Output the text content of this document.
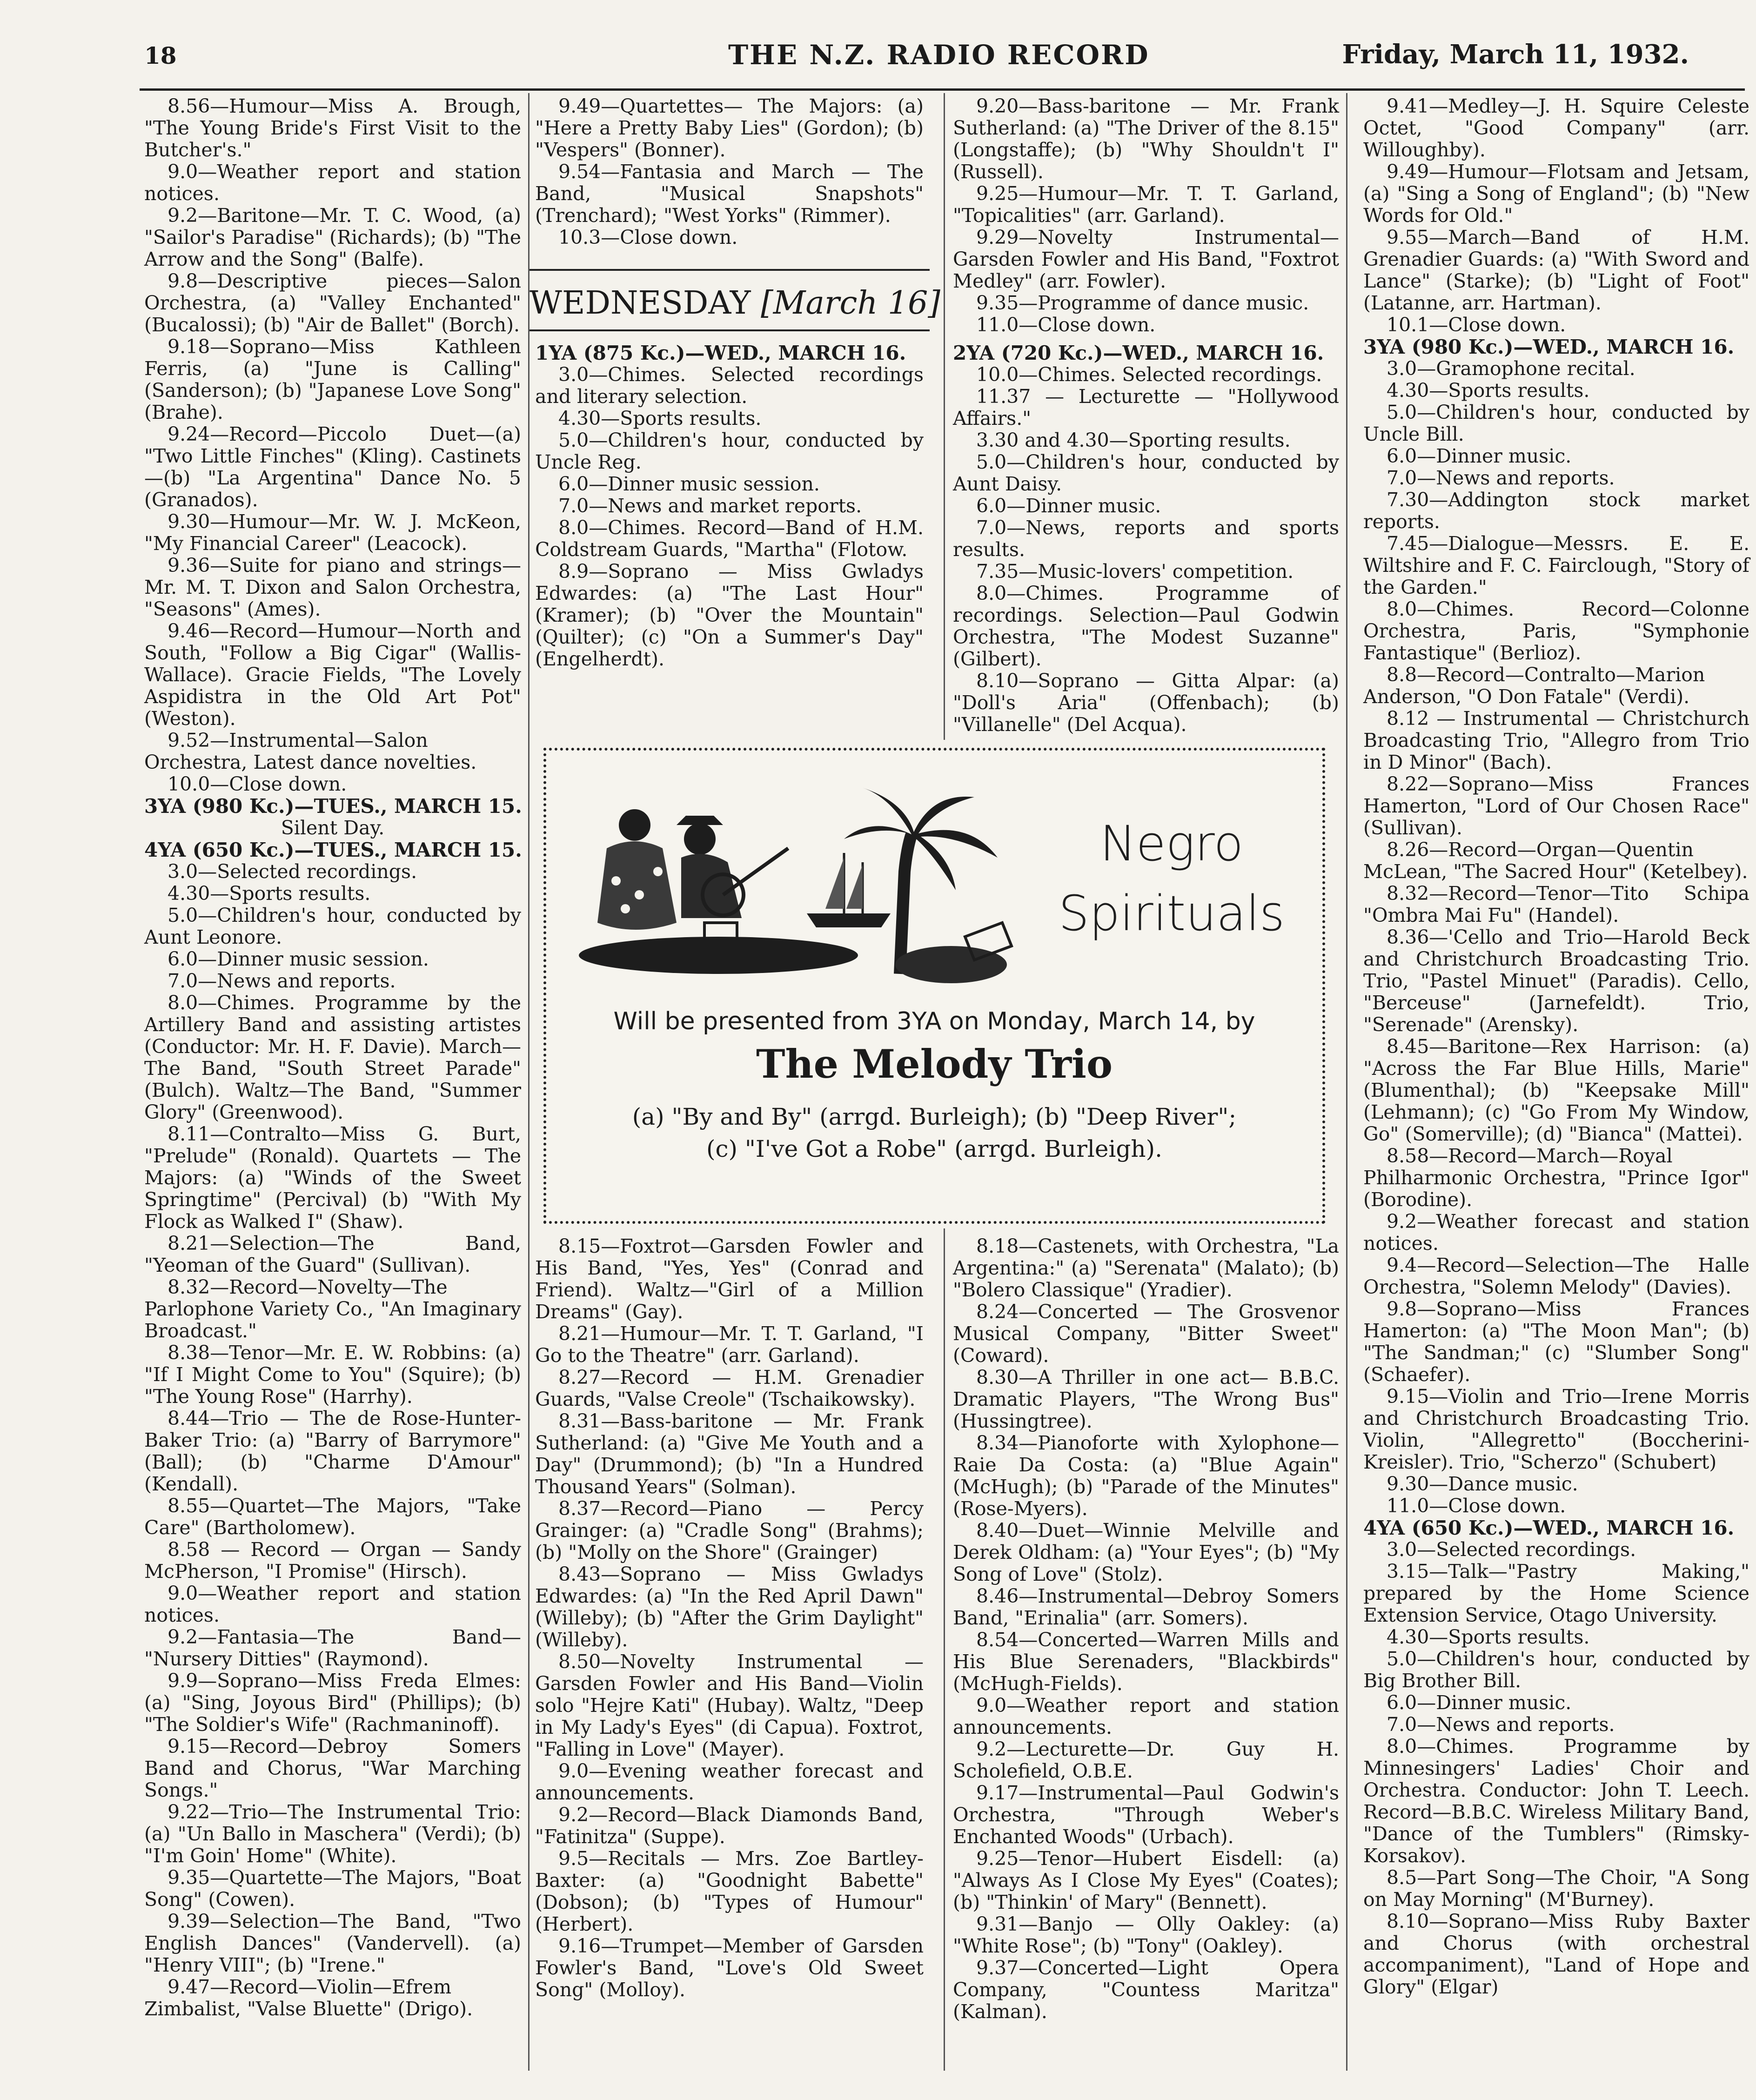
18	THE N.Z. RADIO RECORD	Friday, March 11, 1932.

8.56—Humour—Miss A. Brough, "The Young Bride's First Visit to the Butcher's."

9.0—Weather report and station notices.

9.2—Baritone—Mr. T. C. Wood, (a) "Sailor's Paradise" (Richards); (b) "The Arrow and the Song" (Balfe).

9.8—Descriptive pieces—Salon Orchestra, (a) "Valley Enchanted" (Bucalossi); (b) "Air de Ballet" (Borch).

9.18—Soprano—Miss Kathleen Ferris, (a) "June is Calling" (Sanderson); (b) "Japanese Love Song" (Brahe).

9.24—Record—Piccolo Duet—(a) "Two Little Finches" (Kling). Castinets—(b) "La Argentina" Dance No. 5 (Granados).

9.30—Humour—Mr. W. J. McKeon, "My Financial Career" (Leacock).

9.36—Suite for piano and strings—Mr. M. T. Dixon and Salon Orchestra, "Seasons" (Ames).

9.46—Record—Humour—North and South, "Follow a Big Cigar" (Wallis-Wallace). Gracie Fields, "The Lovely Aspidistra in the Old Art Pot" (Weston).

9.52—Instrumental—Salon Orchestra, Latest dance novelties.

10.0—Close down.

3YA (980 Kc.)—TUES., MARCH 15.

Silent Day.

4YA (650 Kc.)—TUES., MARCH 15.

3.0—Selected recordings.

4.30—Sports results.

5.0—Children's hour, conducted by Aunt Leonore.

6.0—Dinner music session.

7.0—News and reports.

8.0—Chimes. Programme by the Artillery Band and assisting artistes (Conductor: Mr. H. F. Davie). March—The Band, "South Street Parade" (Bulch). Waltz—The Band, "Summer Glory" (Greenwood).

8.11—Contralto—Miss G. Burt, "Prelude" (Ronald). Quartets — The Majors: (a) "Winds of the Sweet Springtime" (Percival) (b) "With My Flock as Walked I" (Shaw).

8.21—Selection—The Band, "Yeoman of the Guard" (Sullivan).

8.32—Record—Novelty—The Parlophone Variety Co., "An Imaginary Broadcast."

8.38—Tenor—Mr. E. W. Robbins: (a) "If I Might Come to You" (Squire); (b) "The Young Rose" (Harrhy).

8.44—Trio — The de Rose-Hunter-Baker Trio: (a) "Barry of Barrymore" (Ball); (b) "Charme D'Amour" (Kendall).

8.55—Quartet—The Majors, "Take Care" (Bartholomew).

8.58 — Record — Organ — Sandy McPherson, "I Promise" (Hirsch).

9.0—Weather report and station notices.

9.2—Fantasia—The Band— "Nursery Ditties" (Raymond).

9.9—Soprano—Miss Freda Elmes: (a) "Sing, Joyous Bird" (Phillips); (b) "The Soldier's Wife" (Rachmaninoff).

9.15—Record—Debroy Somers Band and Chorus, "War Marching Songs."

9.22—Trio—The Instrumental Trio: (a) "Un Ballo in Maschera" (Verdi); (b) "I'm Goin' Home" (White).

9.35—Quartette—The Majors, "Boat Song" (Cowen).

9.39—Selection—The Band, "Two English Dances" (Vandervell). (a) "Henry VIII"; (b) "Irene."

9.47—Record—Violin—Efrem Zimbalist, "Valse Bluette" (Drigo).

9.49—Quartettes— The Majors: (a) "Here a Pretty Baby Lies" (Gordon); (b) "Vespers" (Bonner).

9.54—Fantasia and March — The Band, "Musical Snapshots" (Trenchard); "West Yorks" (Rimmer).

10.3—Close down.

WEDNESDAY [March 16]

1YA (875 Kc.)—WED., MARCH 16.

3.0—Chimes. Selected recordings and literary selection.

4.30—Sports results.

5.0—Children's hour, conducted by Uncle Reg.

6.0—Dinner music session.

7.0—News and market reports.

8.0—Chimes. Record—Band of H.M. Coldstream Guards, "Martha" (Flotow.

8.9—Soprano — Miss Gwladys Edwardes: (a) "The Last Hour" (Kramer); (b) "Over the Mountain" (Quilter); (c) "On a Summer's Day" (Engelherdt).

9.20—Bass-baritone — Mr. Frank Sutherland: (a) "The Driver of the 8.15" (Longstaffe); (b) "Why Shouldn't I" (Russell).

9.25—Humour—Mr. T. T. Garland, "Topicalities" (arr. Garland).

9.29—Novelty Instrumental—Garsden Fowler and His Band, "Foxtrot Medley" (arr. Fowler).

9.35—Programme of dance music.

11.0—Close down.

2YA (720 Kc.)—WED., MARCH 16.

10.0—Chimes. Selected recordings.

11.37 — Lecturette — "Hollywood Affairs."

3.30 and 4.30—Sporting results.

5.0—Children's hour, conducted by Aunt Daisy.

6.0—Dinner music.

7.0—News, reports and sports results.

7.35—Music-lovers' competition.

8.0—Chimes. Programme of recordings. Selection—Paul Godwin Orchestra, "The Modest Suzanne" (Gilbert).

8.10—Soprano — Gitta Alpar: (a) "Doll's Aria" (Offenbach); (b) "Villanelle" (Del Acqua).

Negro
Spirituals
Will be presented from 3YA on Monday, March 14, by
The Melody Trio
(a) "By and By" (arrgd. Burleigh); (b) "Deep River";
(c) "I've Got a Robe" (arrgd. Burleigh).

8.15—Foxtrot—Garsden Fowler and His Band, "Yes, Yes" (Conrad and Friend). Waltz—"Girl of a Million Dreams" (Gay).

8.21—Humour—Mr. T. T. Garland, "I Go to the Theatre" (arr. Garland).

8.27—Record — H.M. Grenadier Guards, "Valse Creole" (Tschaikowsky).

8.31—Bass-baritone — Mr. Frank Sutherland: (a) "Give Me Youth and a Day" (Drummond); (b) "In a Hundred Thousand Years" (Solman).

8.37—Record—Piano — Percy Grainger: (a) "Cradle Song" (Brahms); (b) "Molly on the Shore" (Grainger)

8.43—Soprano — Miss Gwladys Edwardes: (a) "In the Red April Dawn" (Willeby); (b) "After the Grim Daylight" (Willeby).

8.50—Novelty Instrumental — Garsden Fowler and His Band—Violin solo "Hejre Kati" (Hubay). Waltz, "Deep in My Lady's Eyes" (di Capua). Foxtrot, "Falling in Love" (Mayer).

9.0—Evening weather forecast and announcements.

9.2—Record—Black Diamonds Band, "Fatinitza" (Suppe).

9.5—Recitals — Mrs. Zoe Bartley-Baxter: (a) "Goodnight Babette" (Dobson); (b) "Types of Humour" (Herbert).

9.16—Trumpet—Member of Garsden Fowler's Band, "Love's Old Sweet Song" (Molloy).

8.18—Castenets, with Orchestra, "La Argentina:" (a) "Serenata" (Malato); (b) "Bolero Classique" (Yradier).

8.24—Concerted — The Grosvenor Musical Company, "Bitter Sweet" (Coward).

8.30—A Thriller in one act— B.B.C. Dramatic Players, "The Wrong Bus" (Hussingtree).

8.34—Pianoforte with Xylophone—Raie Da Costa: (a) "Blue Again" (McHugh); (b) "Parade of the Minutes" (Rose-Myers).

8.40—Duet—Winnie Melville and Derek Oldham: (a) "Your Eyes"; (b) "My Song of Love" (Stolz).

8.46—Instrumental—Debroy Somers Band, "Erinalia" (arr. Somers).

8.54—Concerted—Warren Mills and His Blue Serenaders, "Blackbirds" (McHugh-Fields).

9.0—Weather report and station announcements.

9.2—Lecturette—Dr. Guy H. Scholefield, O.B.E.

9.17—Instrumental—Paul Godwin's Orchestra, "Through Weber's Enchanted Woods" (Urbach).

9.25—Tenor—Hubert Eisdell: (a) "Always As I Close My Eyes" (Coates); (b) "Thinkin' of Mary" (Bennett).

9.31—Banjo — Olly Oakley: (a) "White Rose"; (b) "Tony" (Oakley).

9.37—Concerted—Light Opera Company, "Countess Maritza" (Kalman).

9.41—Medley—J. H. Squire Celeste Octet, "Good Company" (arr. Willoughby).

9.49—Humour—Flotsam and Jetsam, (a) "Sing a Song of England"; (b) "New Words for Old."

9.55—March—Band of H.M. Grenadier Guards: (a) "With Sword and Lance" (Starke); (b) "Light of Foot" (Latanne, arr. Hartman).

10.1—Close down.

3YA (980 Kc.)—WED., MARCH 16.

3.0—Gramophone recital.

4.30—Sports results.

5.0—Children's hour, conducted by Uncle Bill.

6.0—Dinner music.

7.0—News and reports.

7.30—Addington stock market reports.

7.45—Dialogue—Messrs. E. E. Wiltshire and F. C. Fairclough, "Story of the Garden."

8.0—Chimes. Record—Colonne Orchestra, Paris, "Symphonie Fantastique" (Berlioz).

8.8—Record—Contralto—Marion Anderson, "O Don Fatale" (Verdi).

8.12 — Instrumental — Christchurch Broadcasting Trio, "Allegro from Trio in D Minor" (Bach).

8.22—Soprano—Miss Frances Hamerton, "Lord of Our Chosen Race" (Sullivan).

8.26—Record—Organ—Quentin McLean, "The Sacred Hour" (Ketelbey).

8.32—Record—Tenor—Tito Schipa "Ombra Mai Fu" (Handel).

8.36—'Cello and Trio—Harold Beck and Christchurch Broadcasting Trio. Trio, "Pastel Minuet" (Paradis). Cello, "Berceuse" (Jarnefeldt). Trio, "Serenade" (Arensky).

8.45—Baritone—Rex Harrison: (a) "Across the Far Blue Hills, Marie" (Blumenthal); (b) "Keepsake Mill" (Lehmann); (c) "Go From My Window, Go" (Somerville); (d) "Bianca" (Mattei).

8.58—Record—March—Royal Philharmonic Orchestra, "Prince Igor" (Borodine).

9.2—Weather forecast and station notices.

9.4—Record—Selection—The Halle Orchestra, "Solemn Melody" (Davies).

9.8—Soprano—Miss Frances Hamerton: (a) "The Moon Man"; (b) "The Sandman;" (c) "Slumber Song" (Schaefer).

9.15—Violin and Trio—Irene Morris and Christchurch Broadcasting Trio. Violin, "Allegretto" (Boccherini-Kreisler). Trio, "Scherzo" (Schubert)

9.30—Dance music.

11.0—Close down.

4YA (650 Kc.)—WED., MARCH 16.

3.0—Selected recordings.

3.15—Talk—"Pastry Making," prepared by the Home Science Extension Service, Otago University.

4.30—Sports results.

5.0—Children's hour, conducted by Big Brother Bill.

6.0—Dinner music.

7.0—News and reports.

8.0—Chimes. Programme by Minnesingers' Ladies' Choir and Orchestra. Conductor: John T. Leech. Record—B.B.C. Wireless Military Band, "Dance of the Tumblers" (Rimsky-Korsakov).

8.5—Part Song—The Choir, "A Song on May Morning" (M'Burney).

8.10—Soprano—Miss Ruby Baxter and Chorus (with orchestral accompaniment), "Land of Hope and Glory" (Elgar)
